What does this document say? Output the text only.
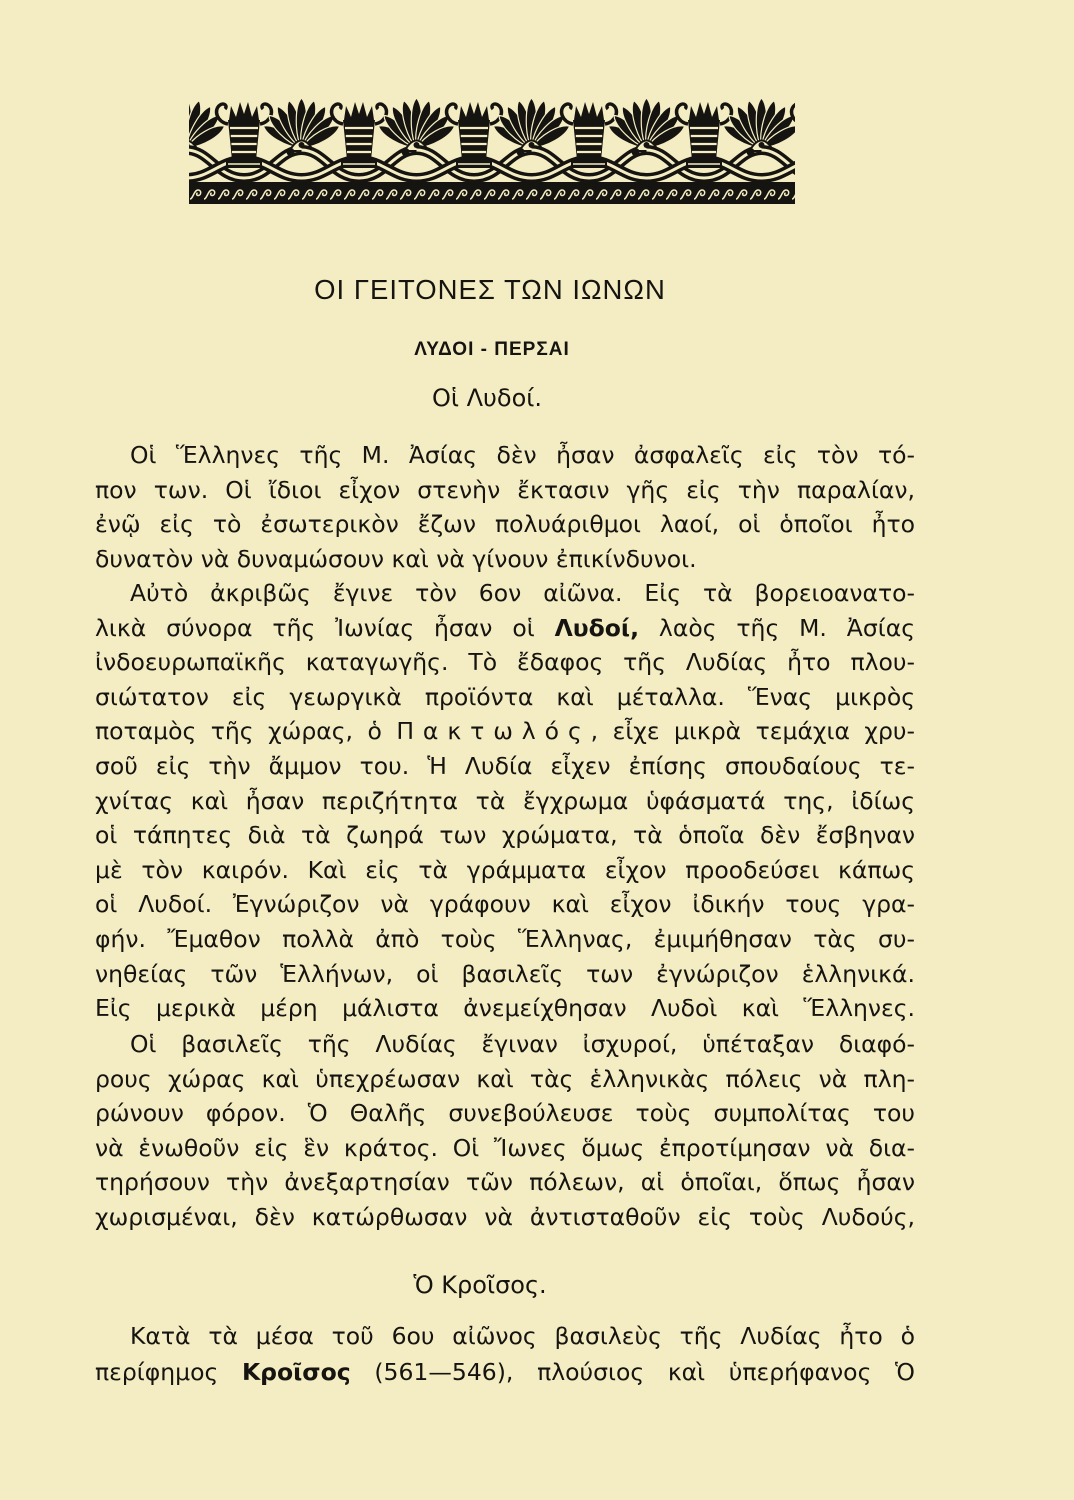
ΟΙ ΓΕΙΤΟΝΕΣ ΤΩΝ ΙΩΝΩΝ
ΛΥΔΟΙ - ΠΕΡΣΑΙ
Οἱ Λυδοί.
Οἱ Ἕλληνες τῆς Μ. Ἀσίας δὲν ἦσαν ἀσφαλεῖς εἰς τὸν τό-
πον των. Οἱ ἴδιοι εἶχον στενὴν ἔκτασιν γῆς εἰς τὴν παραλίαν,
ἐνῷ εἰς τὸ ἐσωτερικὸν ἔζων πολυάριθμοι λαοί, οἱ ὁποῖοι ἦτο
δυνατὸν νὰ δυναμώσουν καὶ νὰ γίνουν ἐπικίνδυνοι.
Αὐτὸ ἀκριβῶς ἔγινε τὸν 6ον αἰῶνα. Εἰς τὰ βορειοανατο-
λικὰ σύνορα τῆς Ἰωνίας ἦσαν οἱ Λυδοί, λαὸς τῆς Μ. Ἀσίας
ἰνδοευρωπαϊκῆς καταγωγῆς. Τὸ ἔδαφος τῆς Λυδίας ἦτο πλου-
σιώτατον εἰς γεωργικὰ προϊόντα καὶ μέταλλα. Ἕνας μικρὸς
ποταμὸς τῆς χώρας, ὁ Πακτωλός, εἶχε μικρὰ τεμάχια χρυ-
σοῦ εἰς τὴν ἄμμον του. Ἡ Λυδία εἶχεν ἐπίσης σπουδαίους τε-
χνίτας καὶ ἦσαν περιζήτητα τὰ ἔγχρωμα ὑφάσματά της, ἰδίως
οἱ τάπητες διὰ τὰ ζωηρά των χρώματα, τὰ ὁποῖα δὲν ἔσβηναν
μὲ τὸν καιρόν. Καὶ εἰς τὰ γράμματα εἶχον προοδεύσει κάπως
οἱ Λυδοί. Ἐγνώριζον νὰ γράφουν καὶ εἶχον ἰδικήν τους γρα-
φήν. Ἔμαθον πολλὰ ἀπὸ τοὺς Ἕλληνας, ἐμιμήθησαν τὰς συ-
νηθείας τῶν Ἑλλήνων, οἱ βασιλεῖς των ἐγνώριζον ἑλληνικά.
Εἰς μερικὰ μέρη μάλιστα ἀνεμείχθησαν Λυδοὶ καὶ Ἕλληνες.
Οἱ βασιλεῖς τῆς Λυδίας ἔγιναν ἰσχυροί, ὑπέταξαν διαφό-
ρους χώρας καὶ ὑπεχρέωσαν καὶ τὰς ἑλληνικὰς πόλεις νὰ πλη-
ρώνουν φόρον. Ὁ Θαλῆς συνεβούλευσε τοὺς συμπολίτας του
νὰ ἑνωθοῦν εἰς ἓν κράτος. Οἱ Ἴωνες ὅμως ἐπροτίμησαν νὰ δια-
τηρήσουν τὴν ἀνεξαρτησίαν τῶν πόλεων, αἱ ὁποῖαι, ὅπως ἦσαν
χωρισμέναι, δὲν κατώρθωσαν νὰ ἀντισταθοῦν εἰς τοὺς Λυδούς,
Ὁ Κροῖσος.
Κατὰ τὰ μέσα τοῦ 6ου αἰῶνος βασιλεὺς τῆς Λυδίας ἦτο ὁ
περίφημος Κροῖσος (561—546), πλούσιος καὶ ὑπερήφανος Ὁ
